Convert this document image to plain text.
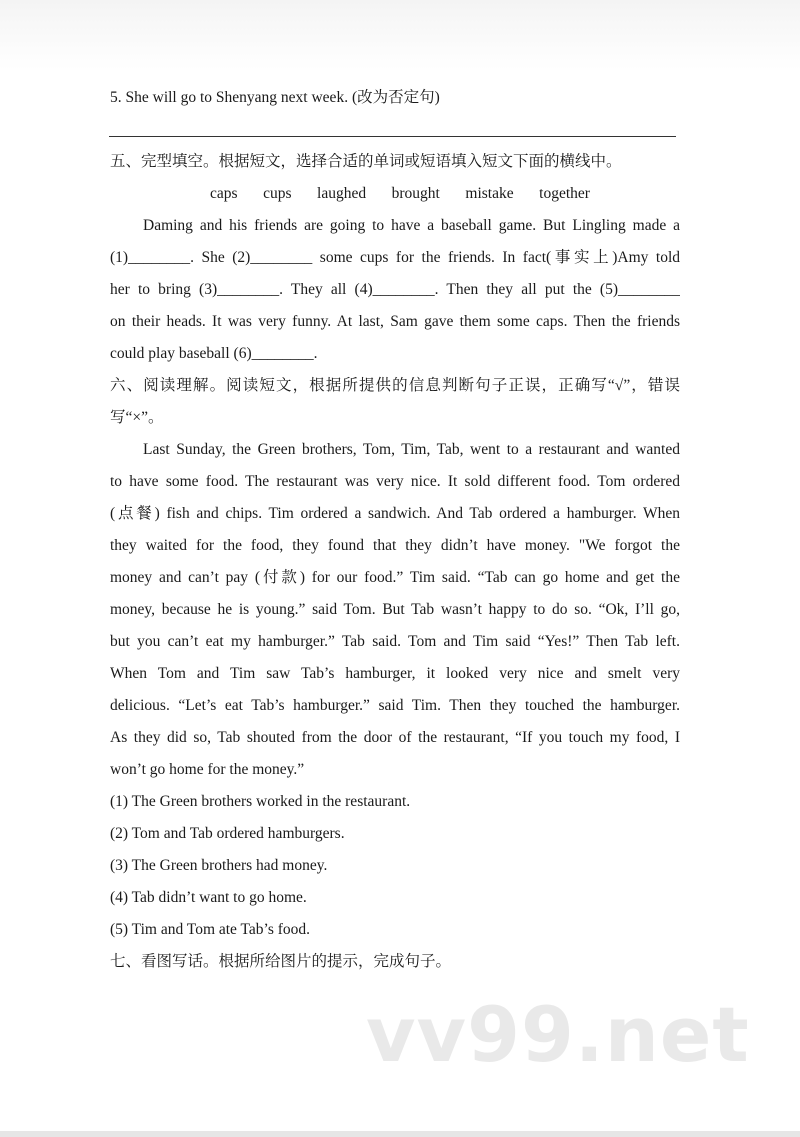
5. She will go to Shenyang next week. (改为否定句)
五、完型填空。根据短文，选择合适的单词或短语填入短文下面的横线中。
caps cups laughed brought mistake together
Daming and his friends are going to have a baseball game. But Lingling made a
(1)________. She (2)________ some cups for the friends. In fact(事实上)Amy told
her to bring (3)________. They all (4)________. Then they all put the (5)________
on their heads. It was very funny. At last, Sam gave them some caps. Then the friends
could play baseball (6)________.
六、阅读理解。阅读短文，根据所提供的信息判断句子正误，正确写“√”，错误
写“×”。
Last Sunday, the Green brothers, Tom, Tim, Tab, went to a restaurant and wanted
to have some food. The restaurant was very nice. It sold different food. Tom ordered
(点餐) fish and chips. Tim ordered a sandwich. And Tab ordered a hamburger. When
they waited for the food, they found that they didn’t have money. "We forgot the
money and can’t pay (付款) for our food.” Tim said. “Tab can go home and get the
money, because he is young.” said Tom. But Tab wasn’t happy to do so. “Ok, I’ll go,
but you can’t eat my hamburger.” Tab said. Tom and Tim said “Yes!” Then Tab left.
When Tom and Tim saw Tab’s hamburger, it looked very nice and smelt very
delicious. “Let’s eat Tab’s hamburger.” said Tim. Then they touched the hamburger.
As they did so, Tab shouted from the door of the restaurant, “If you touch my food, I
won’t go home for the money.”
(1) The Green brothers worked in the restaurant.
(2) Tom and Tab ordered hamburgers.
(3) The Green brothers had money.
(4) Tab didn’t want to go home.
(5) Tim and Tom ate Tab’s food.
七、看图写话。根据所给图片的提示，完成句子。
vv99.net
